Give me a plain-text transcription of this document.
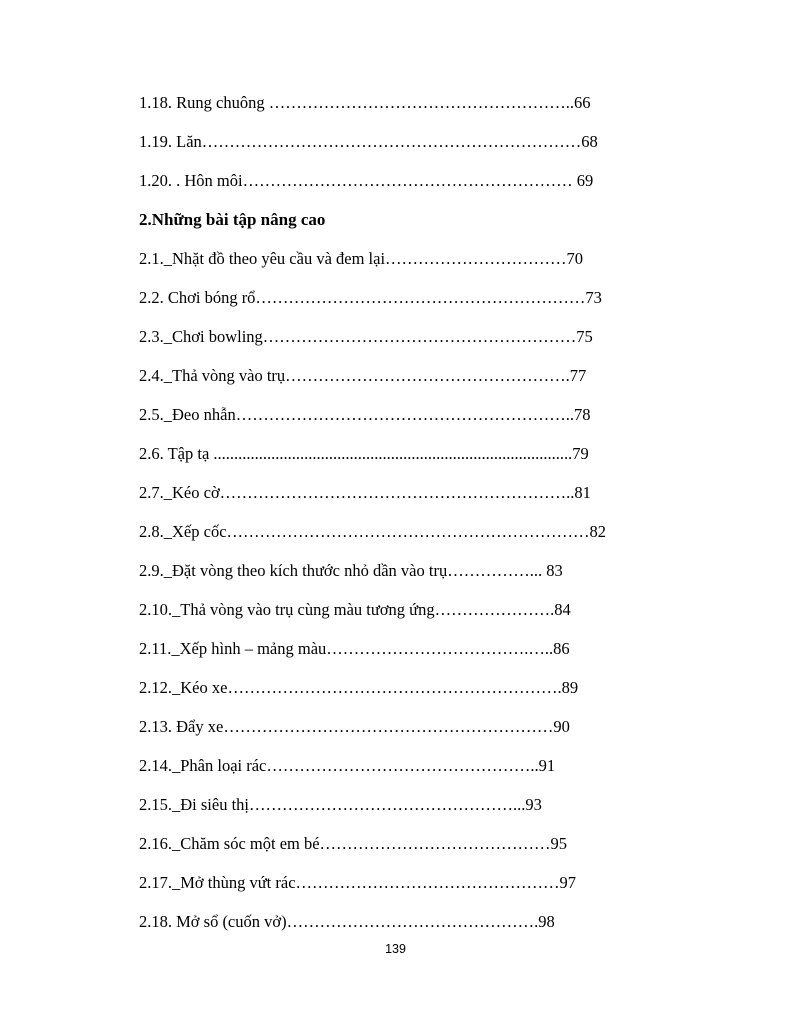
1.18. Rung chuông ………………………………………………..66
1.19. Lăn……………………………………………………………68
1.20. . Hôn môi…………………………………………………… 69
2.Những bài tập nâng cao
2.1._Nhặt đồ theo yêu cầu và đem lại……………………………70
2.2. Chơi bóng rổ……………………………………………………73
2.3._Chơi bowling…………………………………………………75
2.4._Thả vòng vào trụ…………………………………………….77
2.5._Đeo nhẫn……………………………………………………..78
2.6. Tập tạ .......................................................................................79
2.7._Kéo cờ………………………………………………………..81
2.8._Xếp cốc…………………………………………………………82
2.9._Đặt vòng theo kích thước nhỏ dần vào trụ……………... 83
2.10._Thả vòng vào trụ cùng màu tương ứng………………….84
2.11._Xếp hình – mảng màu……………………………….…..86
2.12._Kéo xe…………………………………………………….89
2.13. Đẩy xe……………………………………………………90
2.14._Phân loại rác…………………………………………..91
2.15._Đi siêu thị…………………………………………...93
2.16._Chăm sóc một em bé……………………………………95
2.17._Mở thùng vứt rác…………………………………………97
2.18. Mở sổ (cuốn vở)……………………………………….98
139
